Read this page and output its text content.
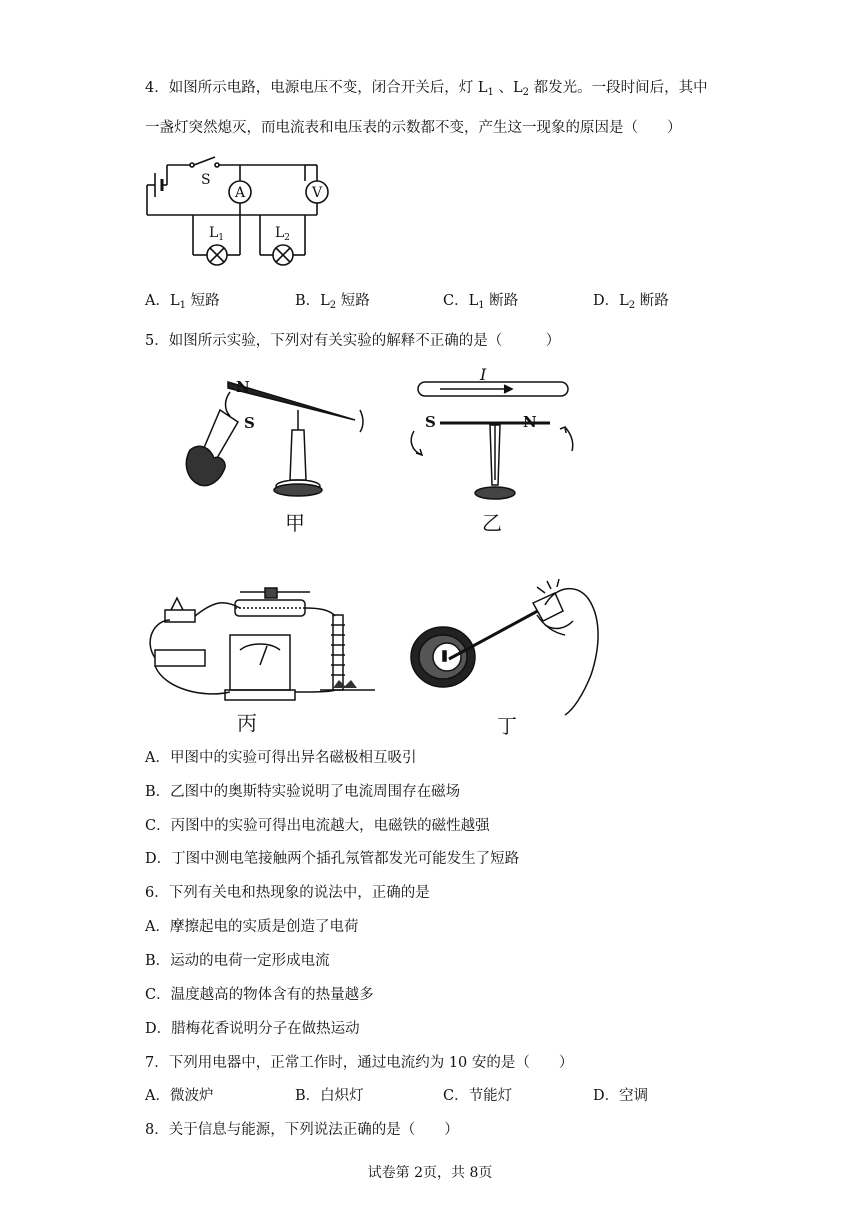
4．如图所示电路，电源电压不变，闭合开关后，灯 $L_1$ 、$L_2$ 都发光。一段时间后，其中
一盏灯突然熄灭，而电流表和电压表的示数都不变，产生这一现象的原因是（　　）
S
A	V
$L_1$	$L_2$
A．$L_1$ 短路	B．$L_2$ 短路	C．$L_1$ 断路	D．$L_2$ 断路
5．如图所示实验，下列对有关实验的解释不正确的是（　　　）
N
S
甲
S	N
I
乙
丙	丁
A．甲图中的实验可得出异名磁极相互吸引
B．乙图中的奥斯特实验说明了电流周围存在磁场
C．丙图中的实验可得出电流越大，电磁铁的磁性越强
D．丁图中测电笔接触两个插孔氖管都发光可能发生了短路
6．下列有关电和热现象的说法中，正确的是
A．摩擦起电的实质是创造了电荷
B．运动的电荷一定形成电流
C．温度越高的物体含有的热量越多
D．腊梅花香说明分子在做热运动
7．下列用电器中，正常工作时，通过电流约为 10 安的是（　　）
A．微波炉	B．白炽灯	C．节能灯	D．空调
8．关于信息与能源，下列说法正确的是（　　）
试卷第 2页，共 8页
